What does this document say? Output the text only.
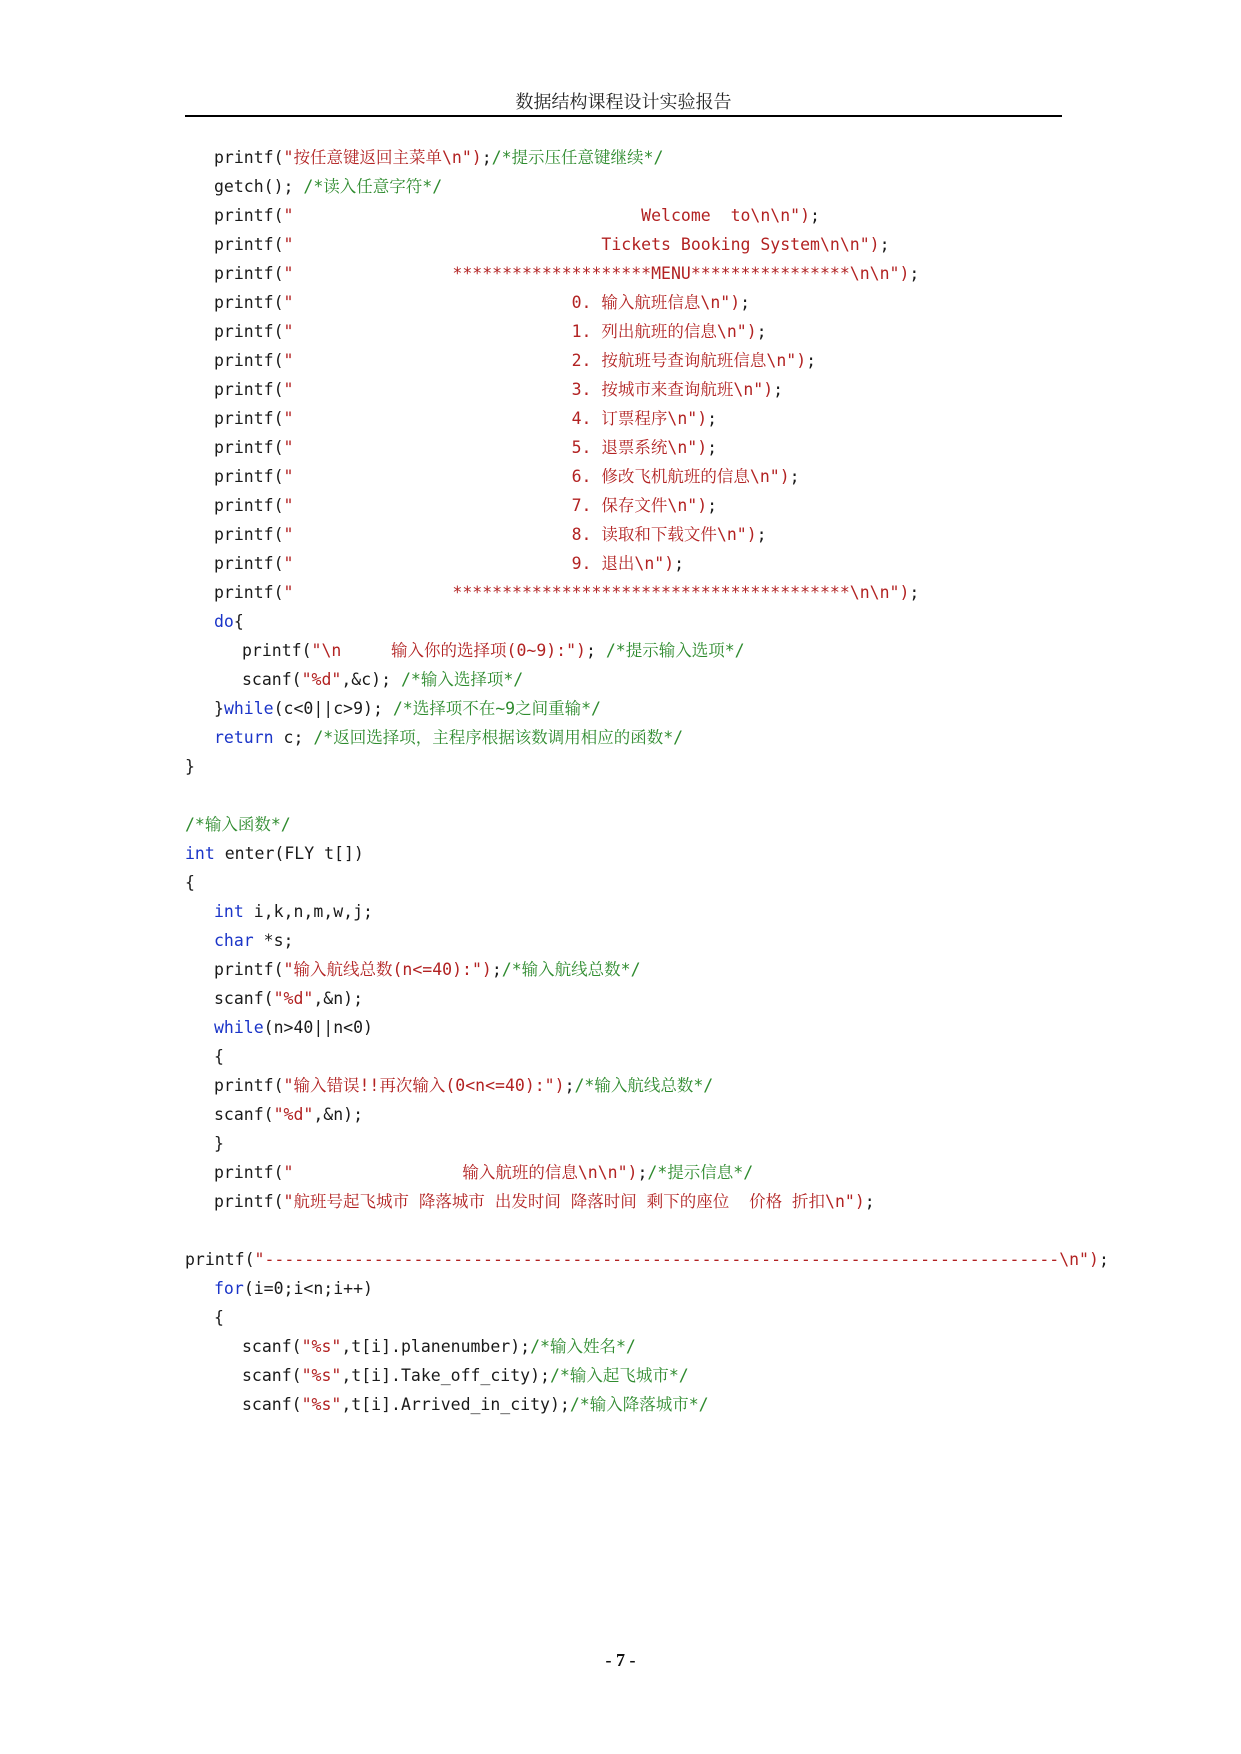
数据结构课程设计实验报告
printf("按任意键返回主菜单\n");/*提示压任意键继续*/
getch(); /*读入任意字符*/
printf("                                   Welcome  to\n\n");
printf("                               Tickets Booking System\n\n");
printf("                ********************MENU****************\n\n");
printf("                            0. 输入航班信息\n");
printf("                            1. 列出航班的信息\n");
printf("                            2. 按航班号查询航班信息\n");
printf("                            3. 按城市来查询航班\n");
printf("                            4. 订票程序\n");
printf("                            5. 退票系统\n");
printf("                            6. 修改飞机航班的信息\n");
printf("                            7. 保存文件\n");
printf("                            8. 读取和下载文件\n");
printf("                            9. 退出\n");
printf("                ****************************************\n\n");
do{
printf("\n     输入你的选择项(0~9):"); /*提示输入选项*/
scanf("%d",&c); /*输入选择项*/
}while(c<0||c>9); /*选择项不在~9之间重输*/
return c; /*返回选择项，主程序根据该数调用相应的函数*/
}
/*输入函数*/
int enter(FLY t[])
{
int i,k,n,m,w,j;
char *s;
printf("输入航线总数(n<=40):");/*输入航线总数*/
scanf("%d",&n);
while(n>40||n<0)
{
printf("输入错误!!再次输入(0<n<=40):");/*输入航线总数*/
scanf("%d",&n);
}
printf("                 输入航班的信息\n\n");/*提示信息*/
printf("航班号起飞城市 降落城市 出发时间 降落时间 剩下的座位  价格 折扣\n");
printf("--------------------------------------------------------------------------------\n");
for(i=0;i<n;i++)
{
scanf("%s",t[i].planenumber);/*输入姓名*/
scanf("%s",t[i].Take_off_city);/*输入起飞城市*/
scanf("%s",t[i].Arrived_in_city);/*输入降落城市*/
- 7 -
